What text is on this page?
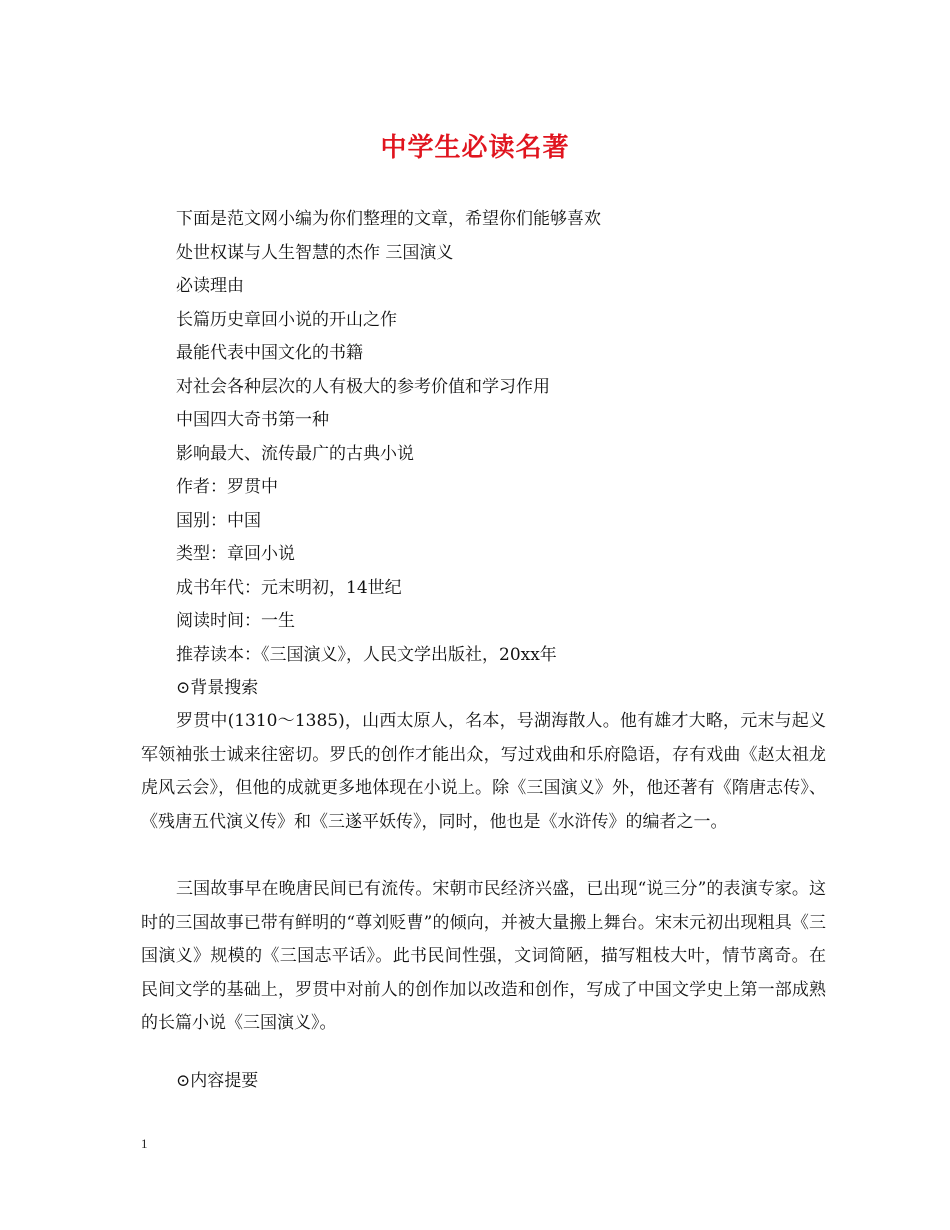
中学生必读名著
下面是范文网小编为你们整理的文章，希望你们能够喜欢
处世权谋与人生智慧的杰作 三国演义
必读理由
长篇历史章回小说的开山之作
最能代表中国文化的书籍
对社会各种层次的人有极大的参考价值和学习作用
中国四大奇书第一种
影响最大、流传最广的古典小说
作者：罗贯中
国别：中国
类型：章回小说
成书年代：元末明初，14世纪
阅读时间：一生
推荐读本：《三国演义》，人民文学出版社，20xx年
⊙背景搜索
罗贯中(1310～1385)，山西太原人，名本，号湖海散人。他有雄才大略，元末与起义军领袖张士诚来往密切。罗氏的创作才能出众，写过戏曲和乐府隐语，存有戏曲《赵太祖龙虎风云会》，但他的成就更多地体现在小说上。除《三国演义》外，他还著有《隋唐志传》、《残唐五代演义传》和《三遂平妖传》，同时，他也是《水浒传》的编者之一。
三国故事早在晚唐民间已有流传。宋朝市民经济兴盛，已出现“说三分”的表演专家。这时的三国故事已带有鲜明的“尊刘贬曹”的倾向，并被大量搬上舞台。宋末元初出现粗具《三国演义》规模的《三国志平话》。此书民间性强，文词简陋，描写粗枝大叶，情节离奇。在民间文学的基础上，罗贯中对前人的创作加以改造和创作，写成了中国文学史上第一部成熟的长篇小说《三国演义》。
⊙内容提要
1
